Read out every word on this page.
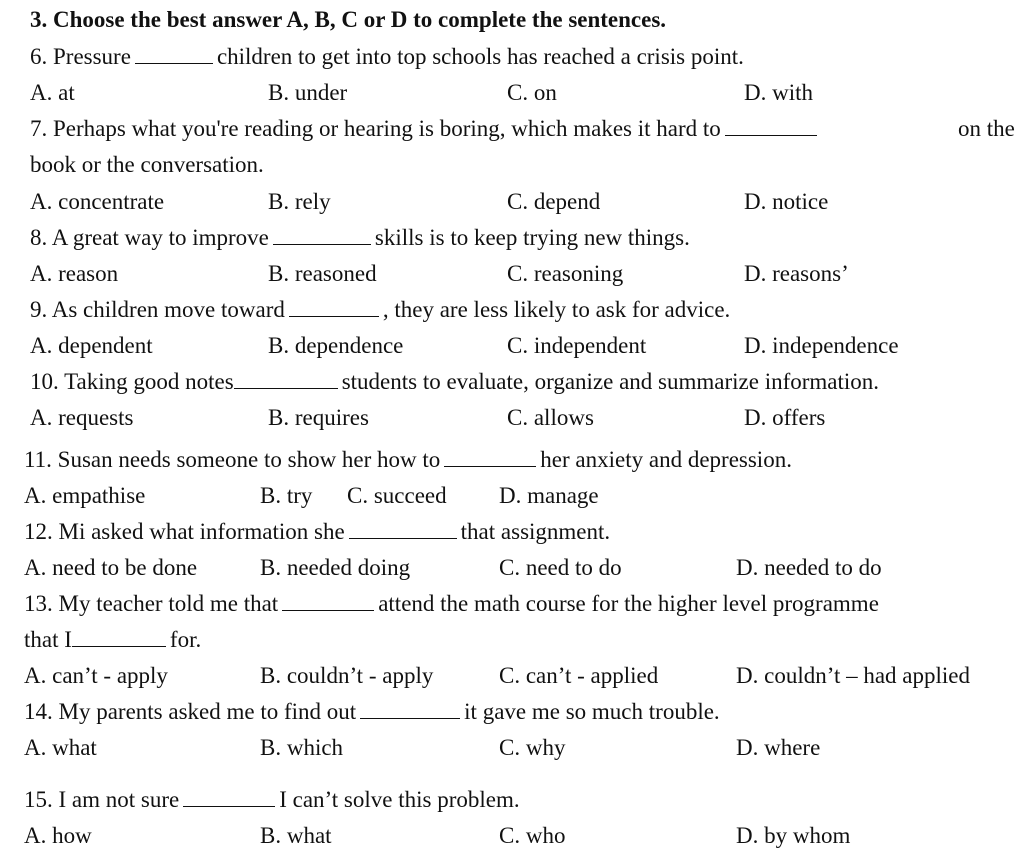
3. Choose the best answer A, B, C or D to complete the sentences.
6. Pressure	children to get into top schools has reached a crisis point.
A. at	B. under	C. on	D. with
7. Perhaps what you're reading or hearing is boring, which makes it hard to	on the
book or the conversation.
A. concentrate	B. rely	C. depend	D. notice
8. A great way to improve	skills is to keep trying new things.
A. reason	B. reasoned	C. reasoning	D. reasons’
9. As children move toward	, they are less likely to ask for advice.
A. dependent	B. dependence	C. independent	D. independence
10. Taking good notes	students to evaluate, organize and summarize information.
A. requests	B. requires	C. allows	D. offers
11. Susan needs someone to show her how to	her anxiety and depression.
A. empathise	B. try C. succeed D. manage
12. Mi asked what information she	that assignment.
A. need to be done	B. needed doing	C. need to do	D. needed to do
13. My teacher told me that	attend the math course for the higher level programme
that I	for.
A. can’t - apply	B. couldn’t - apply	C. can’t - applied	D. couldn’t – had applied
14. My parents asked me to find out	it gave me so much trouble.
A. what	B. which	C. why	D. where
15. I am not sure	I can’t solve this problem.
A. how	B. what	C. who	D. by whom
